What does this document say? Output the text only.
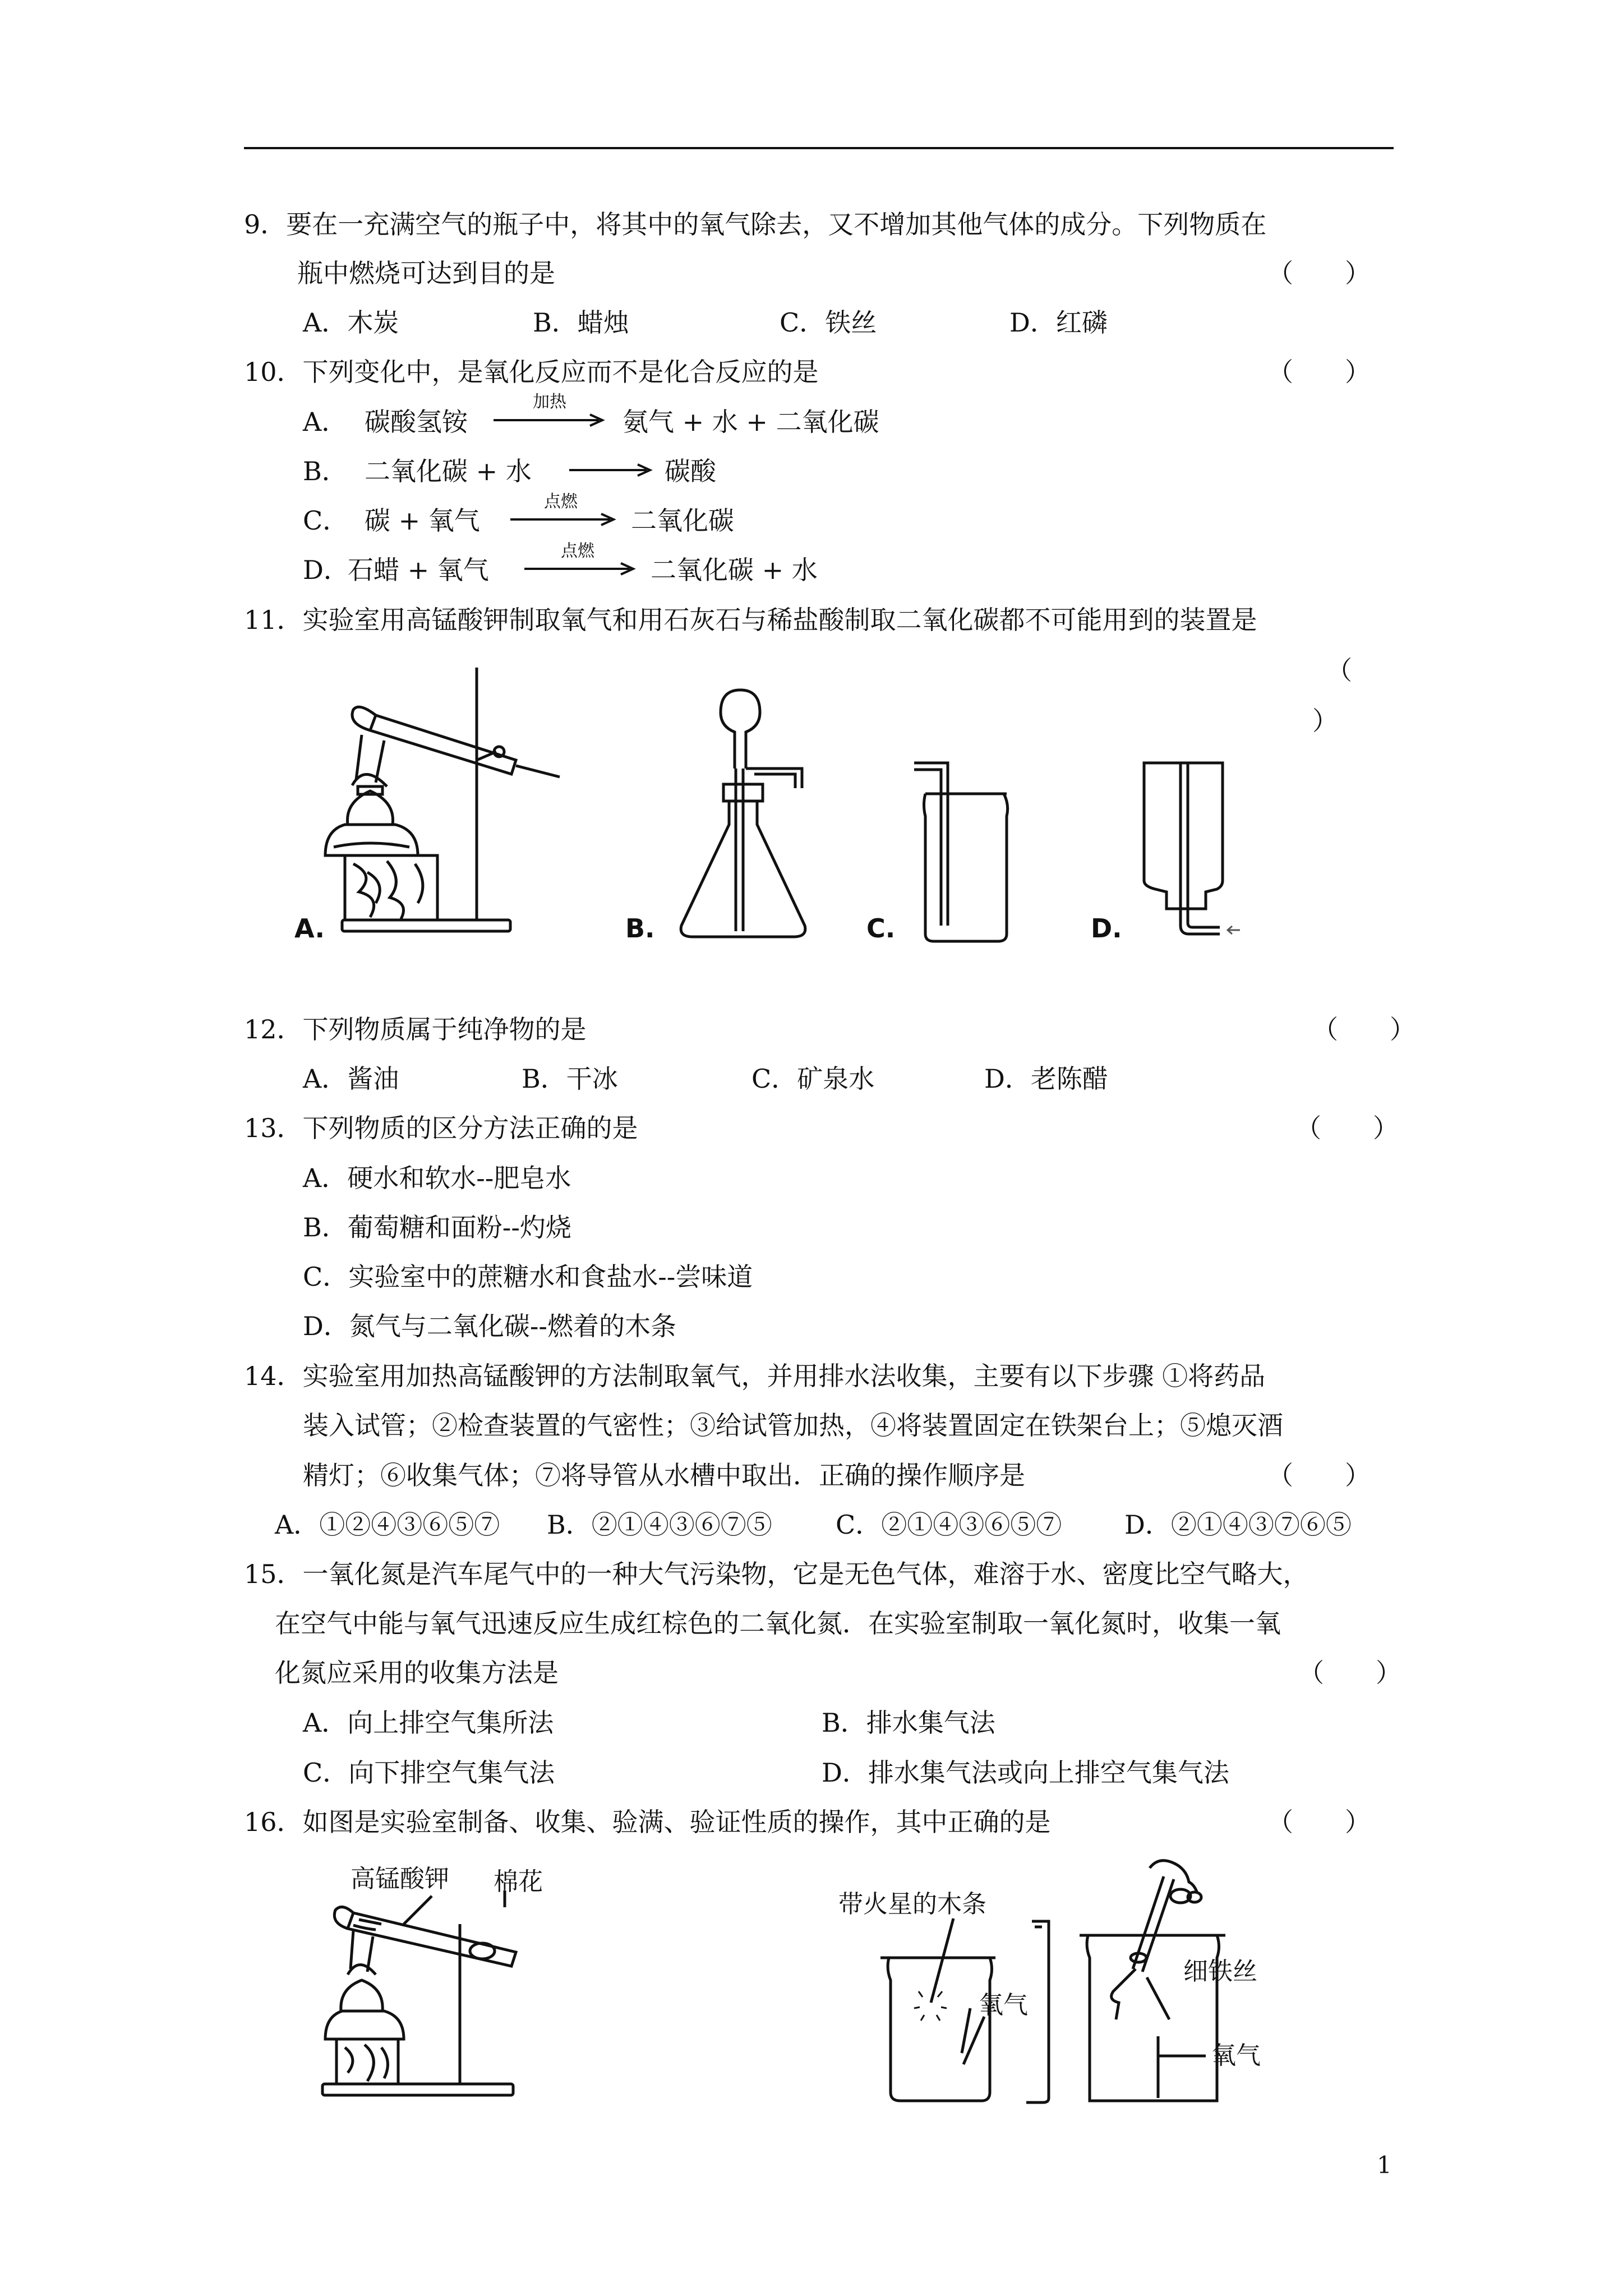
9．要在一充满空气的瓶子中，将其中的氧气除去，又不增加其他气体的成分。下列物质在
瓶中燃烧可达到目的是	（　　）
A．木炭	B．蜡烛	C．铁丝	D．红磷
10．下列变化中，是氧化反应而不是化合反应的是	（　　）
A． 碳酸氢铵
加热
氨气 + 水 + 二氧化碳
B． 二氧化碳 + 水	碳酸
C． 碳 + 氧气
点燃
二氧化碳
D．
石蜡 + 氧气
点燃
二氧化碳 + 水
11．实验室用高锰酸钾制取氧气和用石灰石与稀盐酸制取二氧化碳都不可能用到的装置是
（
）
A.	B.	C.	D.
12．下列物质属于纯净物的是	（　　）
A．酱油	B．干冰	C．矿泉水	D．老陈醋
13．下列物质的区分方法正确的是	（　　）
A．硬水和软水--肥皂水
B．葡萄糖和面粉--灼烧
C．实验室中的蔗糖水和食盐水--尝味道
D．氮气与二氧化碳--燃着的木条
14．实验室用加热高锰酸钾的方法制取氧气，并用排水法收集，主要有以下步骤 ①将药品
装入试管；②检查装置的气密性；③给试管加热，④将装置固定在铁架台上；⑤熄灭酒
精灯；⑥收集气体；⑦将导管从水槽中取出．正确的操作顺序是	（　　）
A．①②④③⑥⑤⑦ B．②①④③⑥⑦⑤ C．②①④③⑥⑤⑦ D．②①④③⑦⑥⑤
15．一氧化氮是汽车尾气中的一种大气污染物，它是无色气体，难溶于水、密度比空气略大，
在空气中能与氧气迅速反应生成红棕色的二氧化氮．在实验室制取一氧化氮时，收集一氧
化氮应采用的收集方法是	（　　）
A．向上排空气集所法	B．排水集气法
C．向下排空气集气法	D．排水集气法或向上排空气集气法
16．如图是实验室制备、收集、验满、验证性质的操作，其中正确的是	（　　）
高锰酸钾 棉花
带火星的木条
氧气
细铁丝
氧气
1
